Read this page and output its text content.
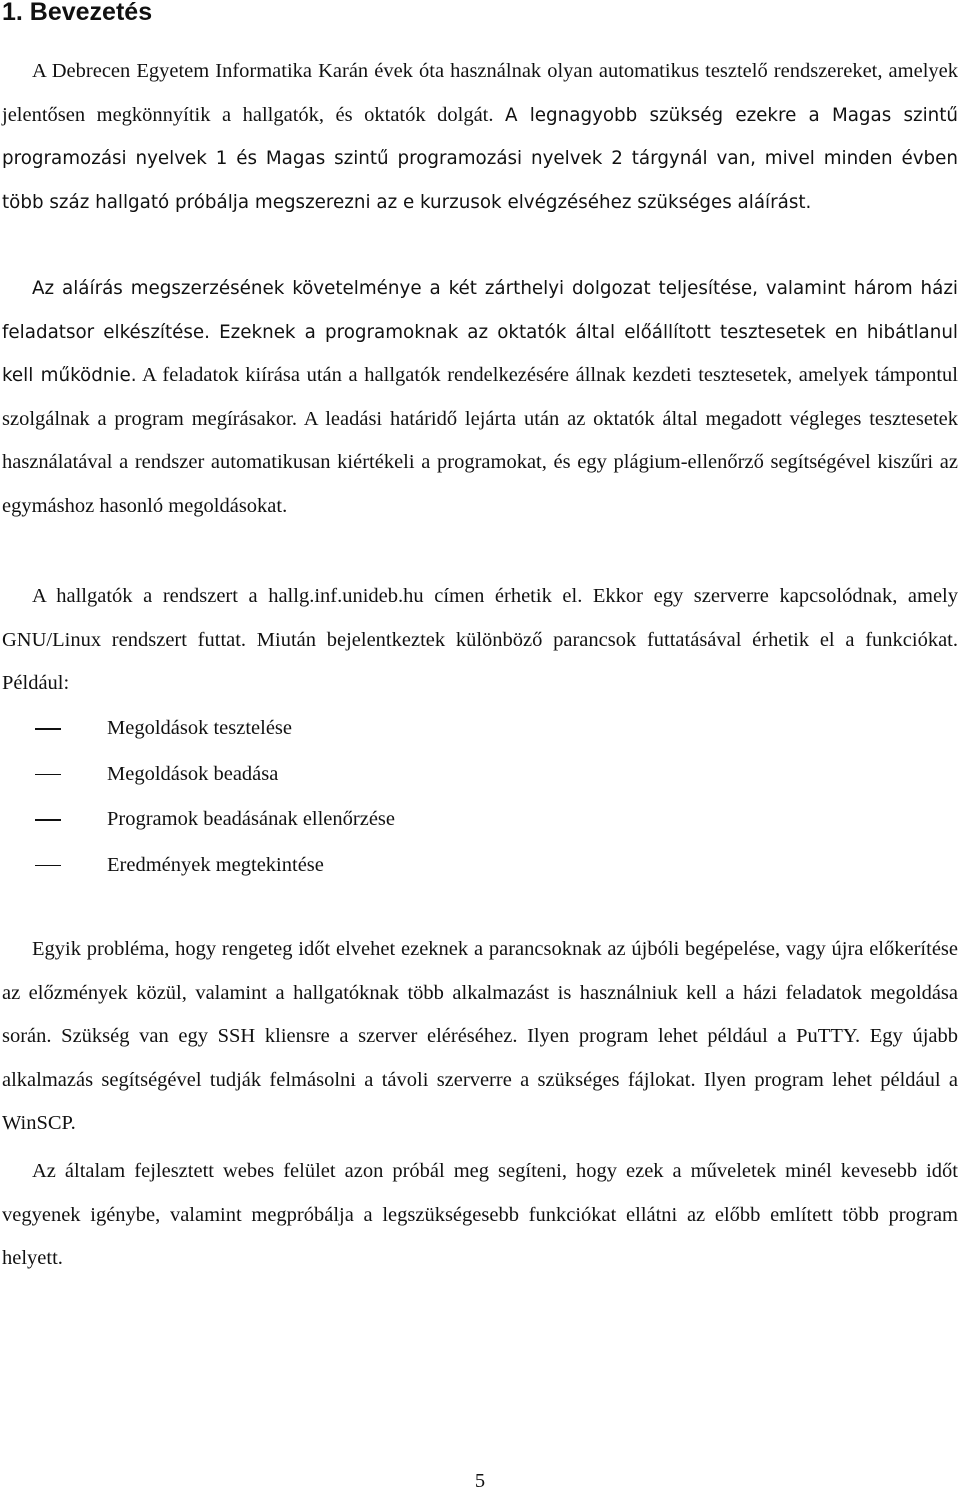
1. Bevezetés

A Debrecen Egyetem Informatika Karán évek óta használnak olyan automatikus tesztelő rendszereket, amelyek jelentősen megkönnyítik a hallgatók, és oktatók dolgát. A legnagyobb szükség ezekre a Magas szintű programozási nyelvek 1 és Magas szintű programozási nyelvek 2 tárgynál van, mivel minden évben több száz hallgató próbálja megszerezni az e kurzusok elvégzéséhez szükséges aláírást.

Az aláírás megszerzésének követelménye a két zárthelyi dolgozat teljesítése, valamint három házi feladatsor elkészítése. Ezeknek a programoknak az oktatók által előállított tesztesetek en hibátlanul kell működnie. A feladatok kiírása után a hallgatók rendelkezésére állnak kezdeti tesztesetek, amelyek támpontul szolgálnak a program megírásakor. A leadási határidő lejárta után az oktatók által megadott végleges tesztesetek használatával a rendszer automatikusan kiértékeli a programokat, és egy plágium-ellenőrző segítségével kiszűri az egymáshoz hasonló megoldásokat.

A hallgatók a rendszert a hallg.inf.unideb.hu címen érhetik el. Ekkor egy szerverre kapcsolódnak, amely GNU/Linux rendszert futtat. Miután bejelentkeztek különböző parancsok futtatásával érhetik el a funkciókat. Például:

Megoldások tesztelése
Megoldások beadása
Programok beadásának ellenőrzése
Eredmények megtekintése

Egyik probléma, hogy rengeteg időt elvehet ezeknek a parancsoknak az újbóli begépelése, vagy újra előkerítése az előzmények közül, valamint a hallgatóknak több alkalmazást is használniuk kell a házi feladatok megoldása során. Szükség van egy SSH kliensre a szerver eléréséhez. Ilyen program lehet például a PuTTY. Egy újabb alkalmazás segítségével tudják felmásolni a távoli szerverre a szükséges fájlokat. Ilyen program lehet például a WinSCP.

Az általam fejlesztett webes felület azon próbál meg segíteni, hogy ezek a műveletek minél kevesebb időt vegyenek igénybe, valamint megpróbálja a legszükségesebb funkciókat ellátni az előbb említett több program helyett.

5
